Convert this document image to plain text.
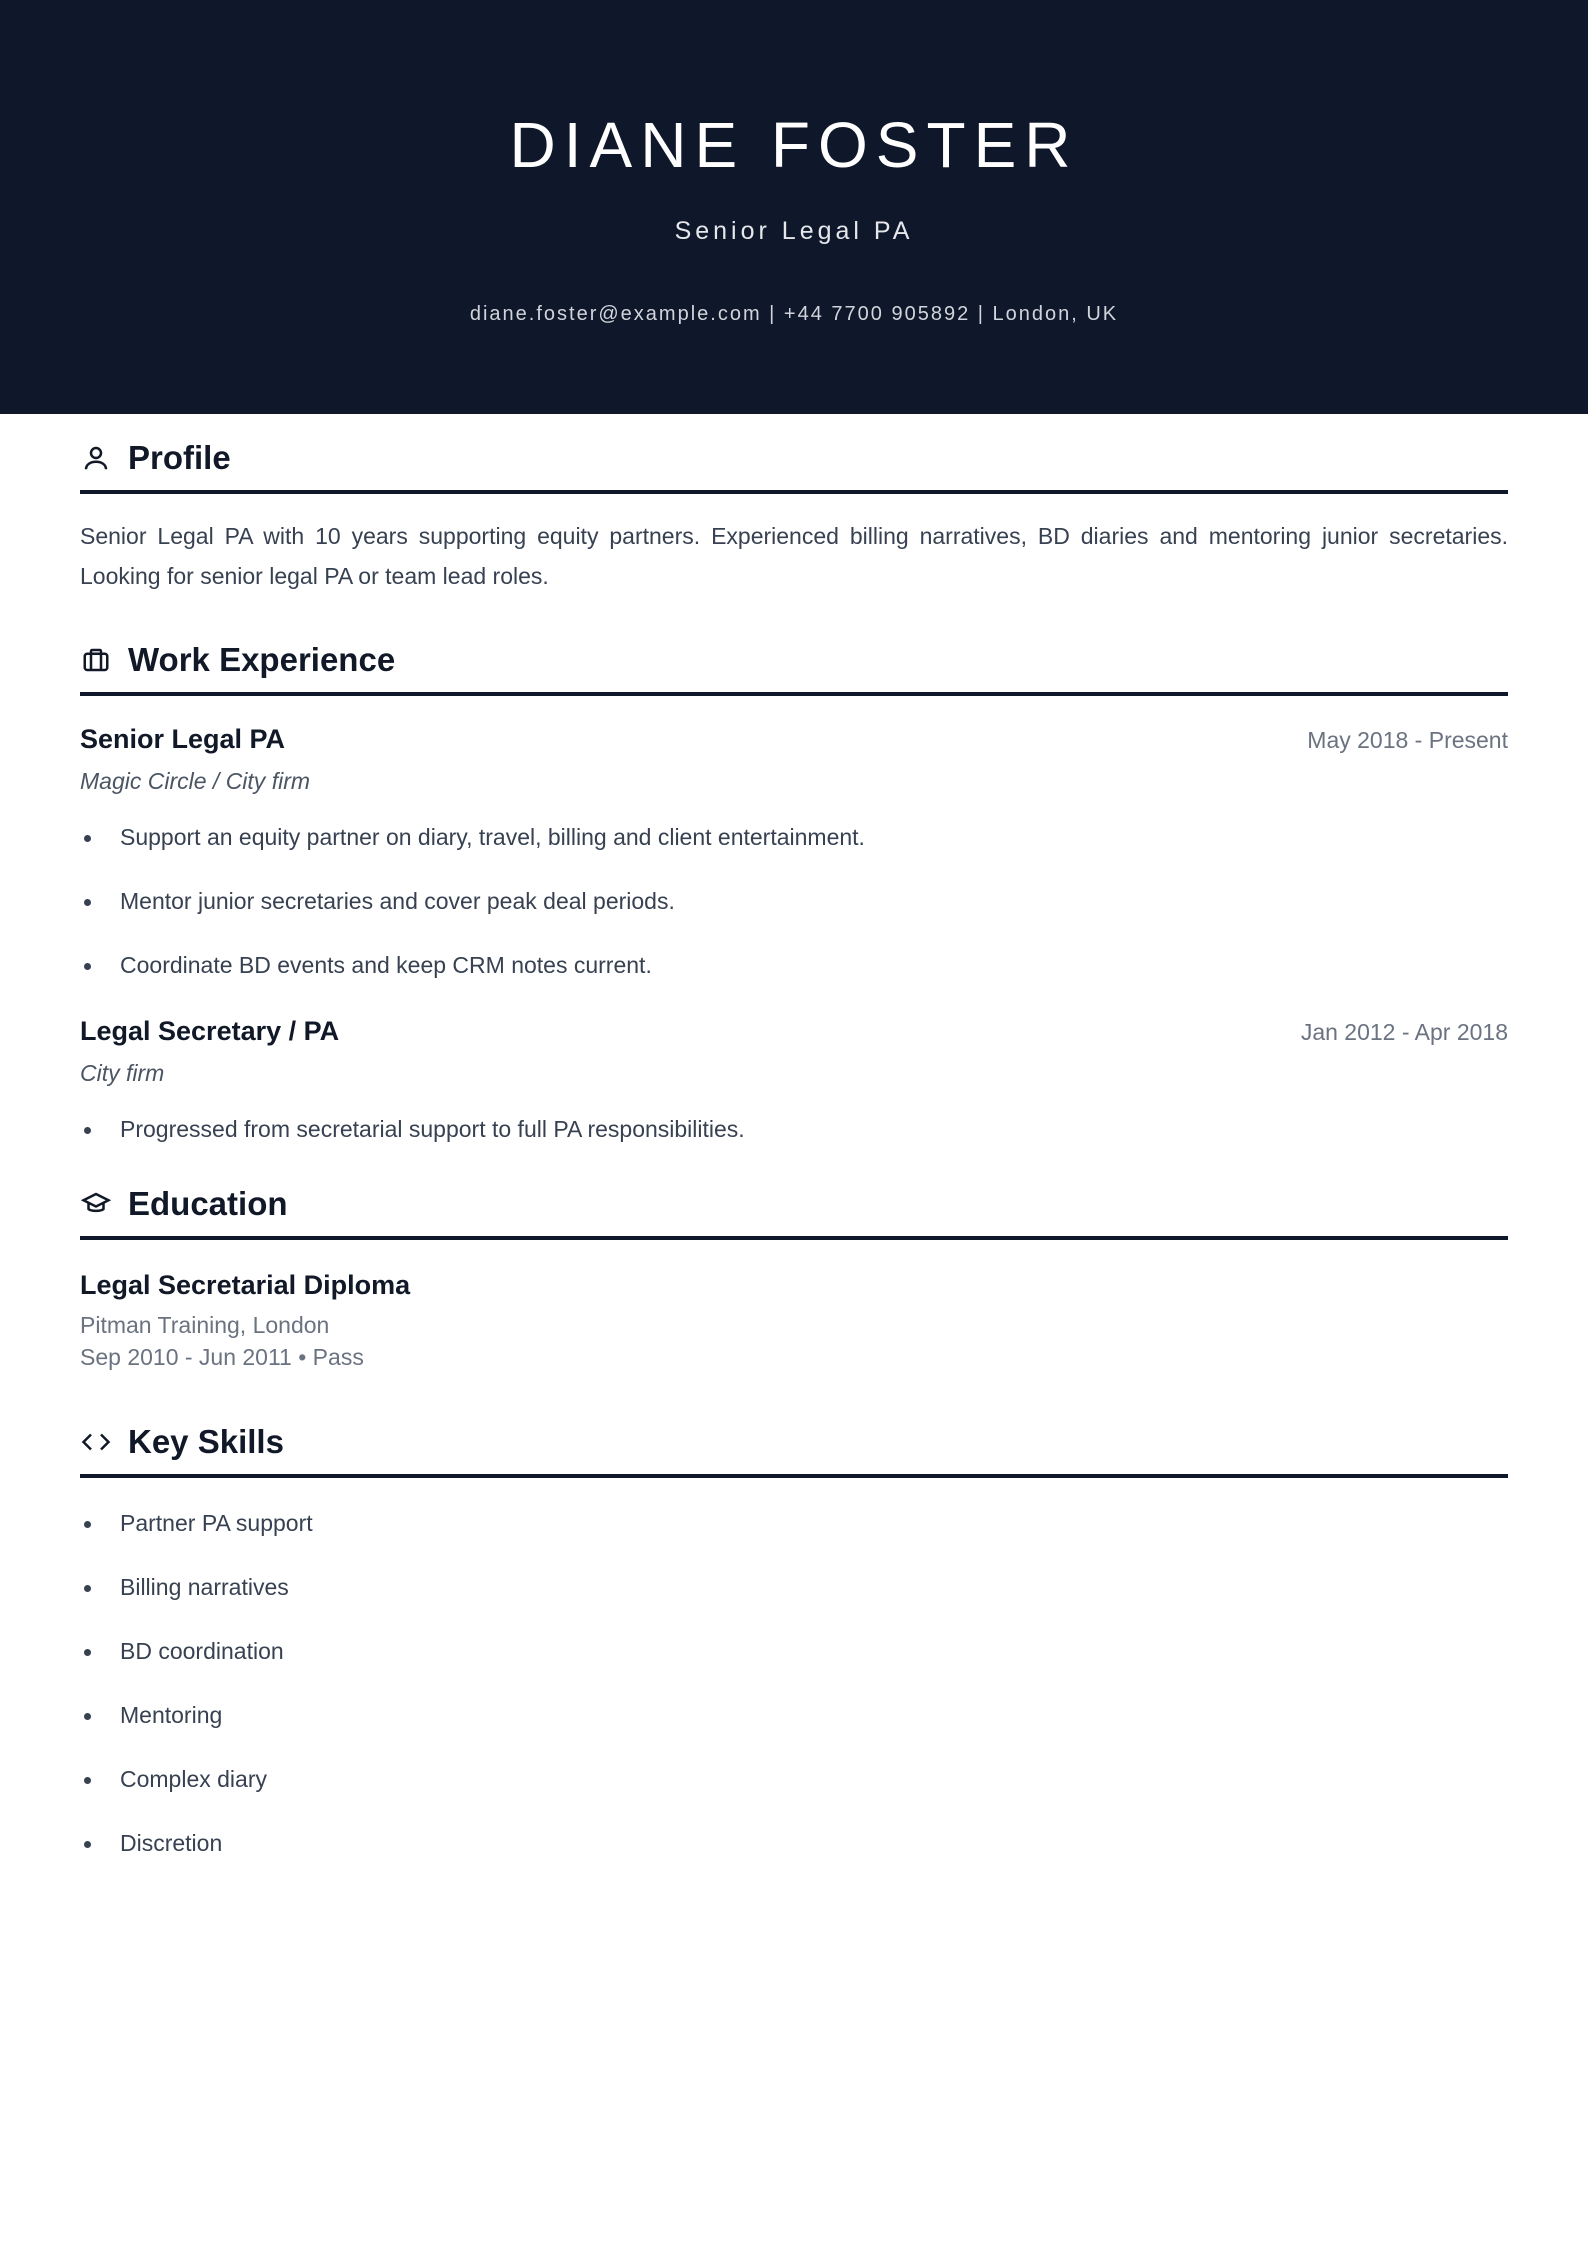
DIANE FOSTER
Senior Legal PA
diane.foster@example.com | +44 7700 905892 | London, UK
Profile

Senior Legal PA with 10 years supporting equity partners. Experienced billing narratives, BD diaries and mentoring junior secretaries. Looking for senior legal PA or team lead roles.

Work Experience
Senior Legal PA	May 2018 - Present
Magic Circle / City firm
Support an equity partner on diary, travel, billing and client entertainment.
Mentor junior secretaries and cover peak deal periods.
Coordinate BD events and keep CRM notes current.
Legal Secretary / PA	Jan 2012 - Apr 2018
City firm
Progressed from secretarial support to full PA responsibilities.
Education
Legal Secretarial Diploma
Pitman Training, London
Sep 2010 - Jun 2011 • Pass
Key Skills
Partner PA support
Billing narratives
BD coordination
Mentoring
Complex diary
Discretion
